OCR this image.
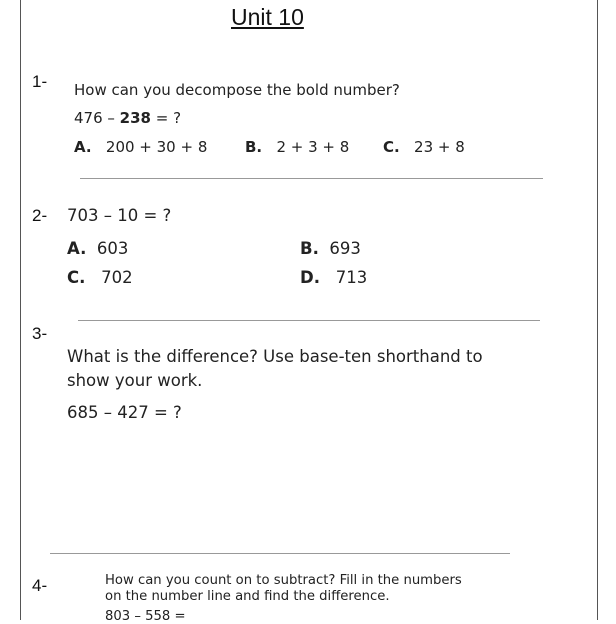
Unit 10
1- How can you decompose the bold number?
476 – 238 = ?
A. 200 + 30 + 8	B. 2 + 3 + 8 C. 23 + 8
2- 703 – 10 = ?
A. 603	B. 693
C. 702	D. 713
3-
What is the difference? Use base-ten shorthand to
show your work.
685 – 427 = ?
4-	How can you count on to subtract? Fill in the numbers
on the number line and find the difference.
803 – 558 =
